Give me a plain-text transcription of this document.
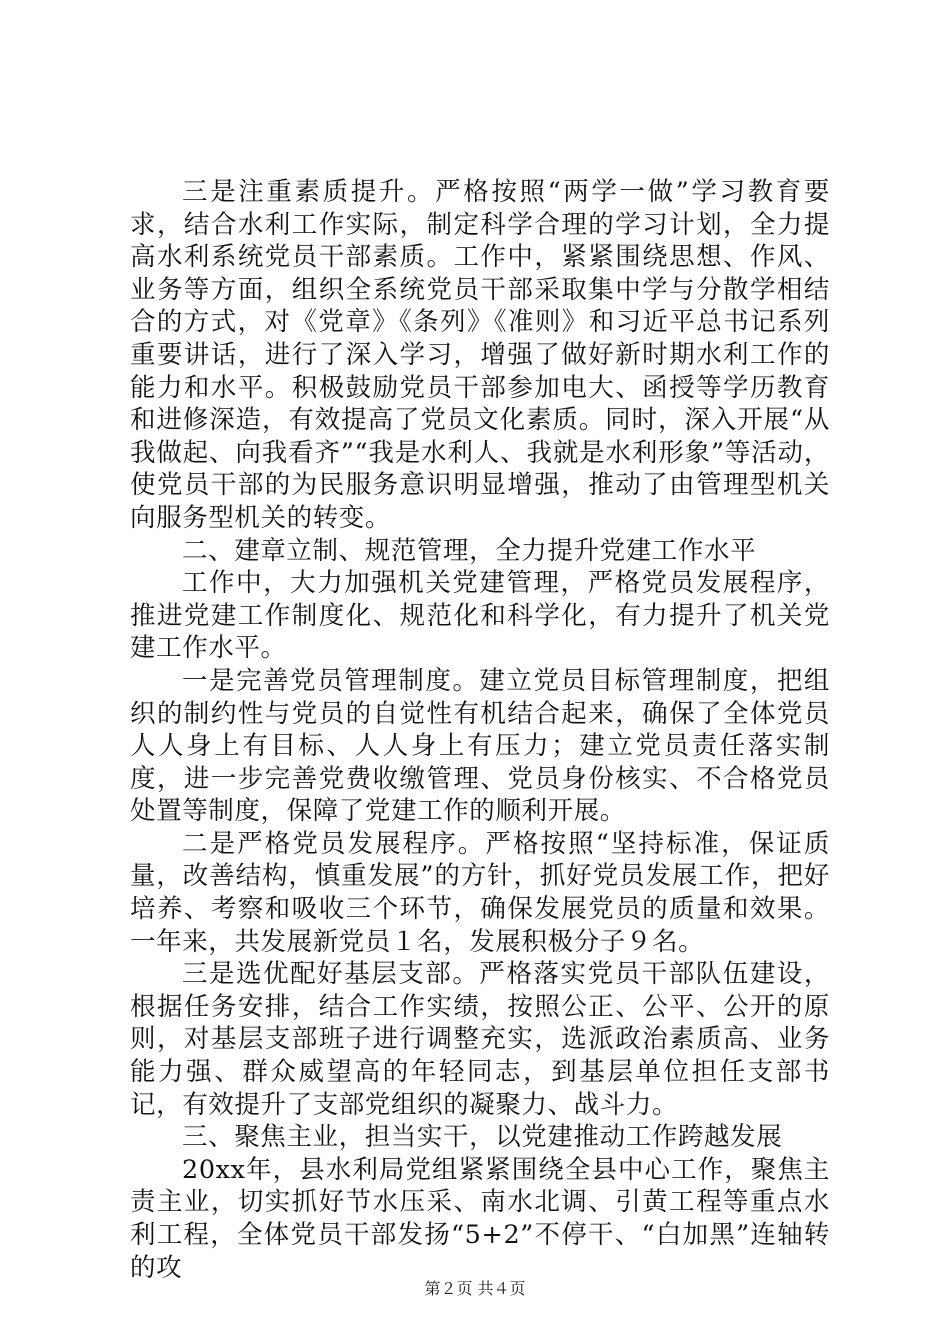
三是注重素质提升。严格按照“两学一做”学习教育要求，结合水利工作实际，制定科学合理的学习计划，全力提高水利系统党员干部素质。工作中，紧紧围绕思想、作风、业务等方面，组织全系统党员干部采取集中学与分散学相结合的方式，对《党章》《条列》《准则》和习近平总书记系列重要讲话，进行了深入学习，增强了做好新时期水利工作的能力和水平。积极鼓励党员干部参加电大、函授等学历教育和进修深造，有效提高了党员文化素质。同时，深入开展“从我做起、向我看齐”“我是水利人、我就是水利形象”等活动，使党员干部的为民服务意识明显增强，推动了由管理型机关向服务型机关的转变。

二、建章立制、规范管理，全力提升党建工作水平

工作中，大力加强机关党建管理，严格党员发展程序，推进党建工作制度化、规范化和科学化，有力提升了机关党建工作水平。

一是完善党员管理制度。建立党员目标管理制度，把组织的制约性与党员的自觉性有机结合起来，确保了全体党员人人身上有目标、人人身上有压力；建立党员责任落实制度，进一步完善党费收缴管理、党员身份核实、不合格党员处置等制度，保障了党建工作的顺利开展。

二是严格党员发展程序。严格按照“坚持标准，保证质量，改善结构，慎重发展”的方针，抓好党员发展工作，把好培养、考察和吸收三个环节，确保发展党员的质量和效果。一年来，共发展新党员１名，发展积极分子９名。

三是选优配好基层支部。严格落实党员干部队伍建设，根据任务安排，结合工作实绩，按照公正、公平、公开的原则，对基层支部班子进行调整充实，选派政治素质高、业务能力强、群众威望高的年轻同志，到基层单位担任支部书记，有效提升了支部党组织的凝聚力、战斗力。

三、聚焦主业，担当实干，以党建推动工作跨越发展

20xx年，县水利局党组紧紧围绕全县中心工作，聚焦主责主业，切实抓好节水压采、南水北调、引黄工程等重点水利工程，全体党员干部发扬“5+2”不停干、“白加黑”连轴转的攻

第２页 共４页
